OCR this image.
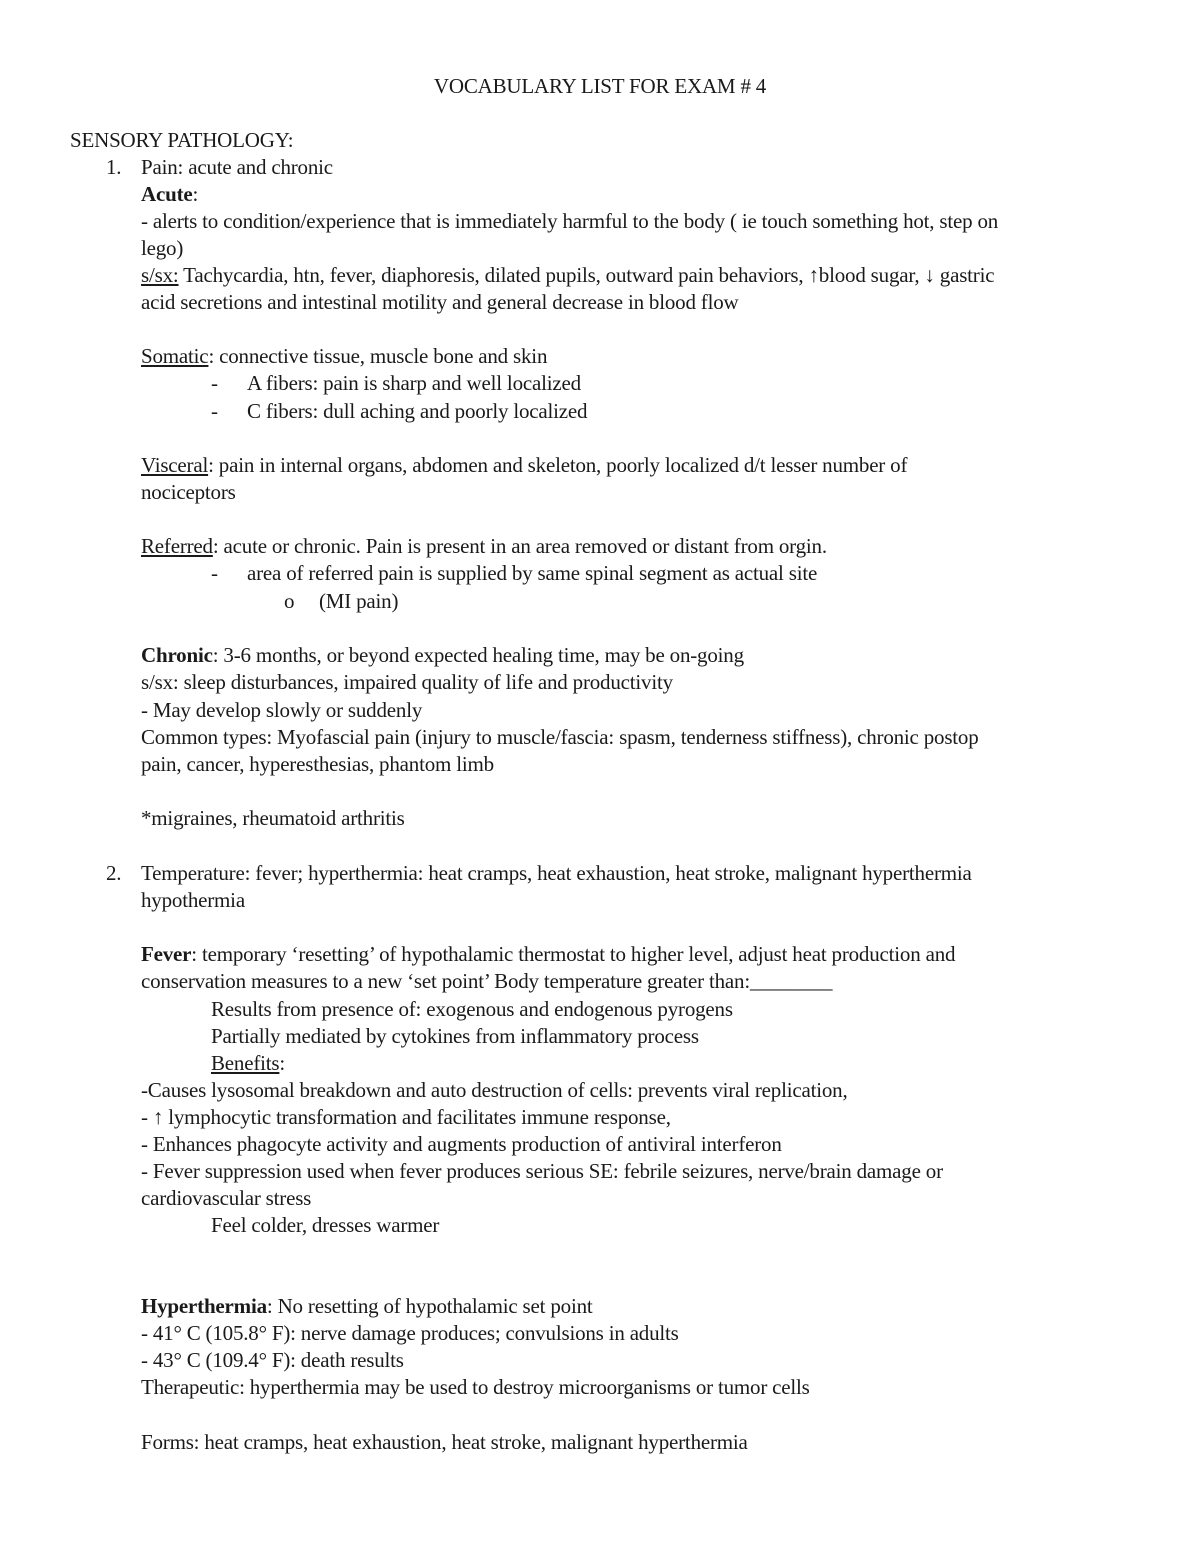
VOCABULARY LIST FOR EXAM # 4
SENSORY PATHOLOGY:
1. Pain: acute and chronic
Acute:
- alerts to condition/experience that is immediately harmful to the body ( ie touch something hot, step on
lego)
s/sx: Tachycardia, htn, fever, diaphoresis, dilated pupils, outward pain behaviors, ↑blood sugar, ↓ gastric
acid secretions and intestinal motility and general decrease in blood flow
Somatic: connective tissue, muscle bone and skin
- A fibers: pain is sharp and well localized
- C fibers: dull aching and poorly localized
Visceral: pain in internal organs, abdomen and skeleton, poorly localized d/t lesser number of
nociceptors
Referred: acute or chronic. Pain is present in an area removed or distant from orgin.
- area of referred pain is supplied by same spinal segment as actual site
o (MI pain)
Chronic: 3-6 months, or beyond expected healing time, may be on-going
s/sx: sleep disturbances, impaired quality of life and productivity
- May develop slowly or suddenly
Common types: Myofascial pain (injury to muscle/fascia: spasm, tenderness stiffness), chronic postop
pain, cancer, hyperesthesias, phantom limb
*migraines, rheumatoid arthritis
2. Temperature: fever; hyperthermia: heat cramps, heat exhaustion, heat stroke, malignant hyperthermia
hypothermia
Fever: temporary ‘resetting’ of hypothalamic thermostat to higher level, adjust heat production and
conservation measures to a new ‘set point’ Body temperature greater than:________
Results from presence of: exogenous and endogenous pyrogens
Partially mediated by cytokines from inflammatory process
Benefits:
-Causes lysosomal breakdown and auto destruction of cells: prevents viral replication,
- ↑ lymphocytic transformation and facilitates immune response,
- Enhances phagocyte activity and augments production of antiviral interferon
- Fever suppression used when fever produces serious SE: febrile seizures, nerve/brain damage or
cardiovascular stress
Feel colder, dresses warmer
Hyperthermia: No resetting of hypothalamic set point
- 41° C (105.8° F): nerve damage produces; convulsions in adults
- 43° C (109.4° F): death results
Therapeutic: hyperthermia may be used to destroy microorganisms or tumor cells
Forms: heat cramps, heat exhaustion, heat stroke, malignant hyperthermia
